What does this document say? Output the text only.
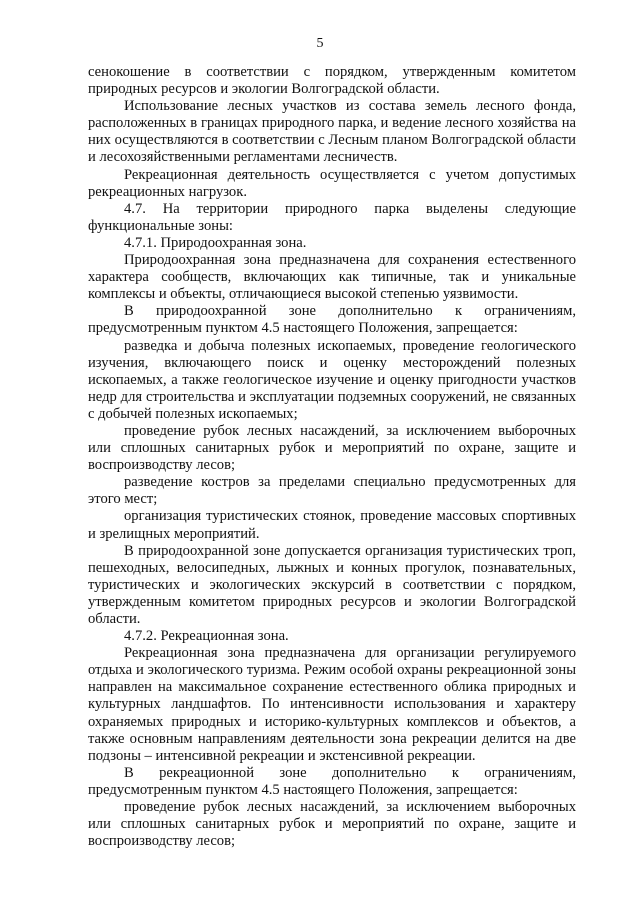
5

сенокошение в соответствии с порядком, утвержденным комитетом природных ресурсов и экологии Волгоградской области.

Использование лесных участков из состава земель лесного фонда, расположенных в границах природного парка, и ведение лесного хозяйства на них осуществляются в соответствии с Лесным планом Волгоградской области и лесохозяйственными регламентами лесничеств.

Рекреационная деятельность осуществляется с учетом допустимых рекреационных нагрузок.

4.7. На территории природного парка выделены следующие функциональные зоны:

4.7.1. Природоохранная зона.

Природоохранная зона предназначена для сохранения естественного характера сообществ, включающих как типичные, так и уникальные комплексы и объекты, отличающиеся высокой степенью уязвимости.

В природоохранной зоне дополнительно к ограничениям, предусмотренным пунктом 4.5 настоящего Положения, запрещается:

разведка и добыча полезных ископаемых, проведение геологического изучения, включающего поиск и оценку месторождений полезных ископаемых, а также геологическое изучение и оценку пригодности участков недр для строительства и эксплуатации подземных сооружений, не связанных с добычей полезных ископаемых;

проведение рубок лесных насаждений, за исключением выборочных или сплошных санитарных рубок и мероприятий по охране, защите и воспроизводству лесов;

разведение костров за пределами специально предусмотренных для этого мест;

организация туристических стоянок, проведение массовых спортивных и зрелищных мероприятий.

В природоохранной зоне допускается организация туристических троп, пешеходных, велосипедных, лыжных и конных прогулок, познавательных, туристических и экологических экскурсий в соответствии с порядком, утвержденным комитетом природных ресурсов и экологии Волгоградской области.

4.7.2. Рекреационная зона.

Рекреационная зона предназначена для организации регулируемого отдыха и экологического туризма. Режим особой охраны рекреационной зоны направлен на максимальное сохранение естественного облика природных и культурных ландшафтов. По интенсивности использования и характеру охраняемых природных и историко-культурных комплексов и объектов, а также основным направлениям деятельности зона рекреации делится на две подзоны – интенсивной рекреации и экстенсивной рекреации.

В рекреационной зоне дополнительно к ограничениям, предусмотренным пунктом 4.5 настоящего Положения, запрещается:

проведение рубок лесных насаждений, за исключением выборочных или сплошных санитарных рубок и мероприятий по охране, защите и воспроизводству лесов;
